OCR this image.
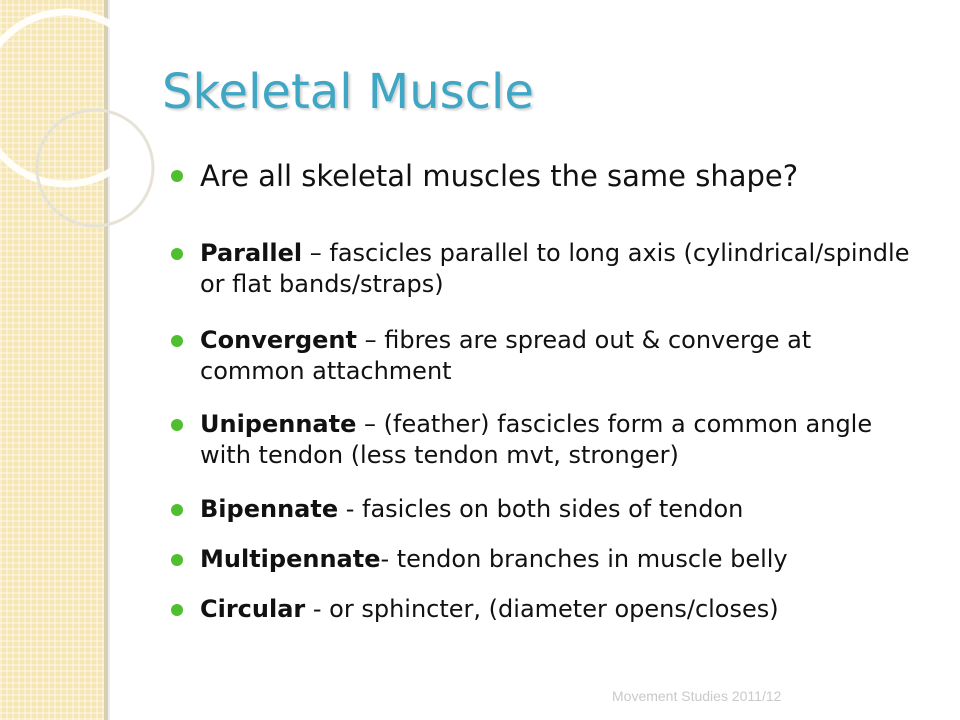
Skeletal Muscle
Are all skeletal muscles the same shape?
Parallel – fascicles parallel to long axis (cylindrical/spindle or flat bands/straps)
Convergent – fibres are spread out & converge at common attachment
Unipennate – (feather) fascicles form a common angle with tendon (less tendon mvt, stronger)
Bipennate - fasicles on both sides of tendon
Multipennate- tendon branches in muscle belly
Circular - or sphincter, (diameter opens/closes)
Movement Studies 2011/12
